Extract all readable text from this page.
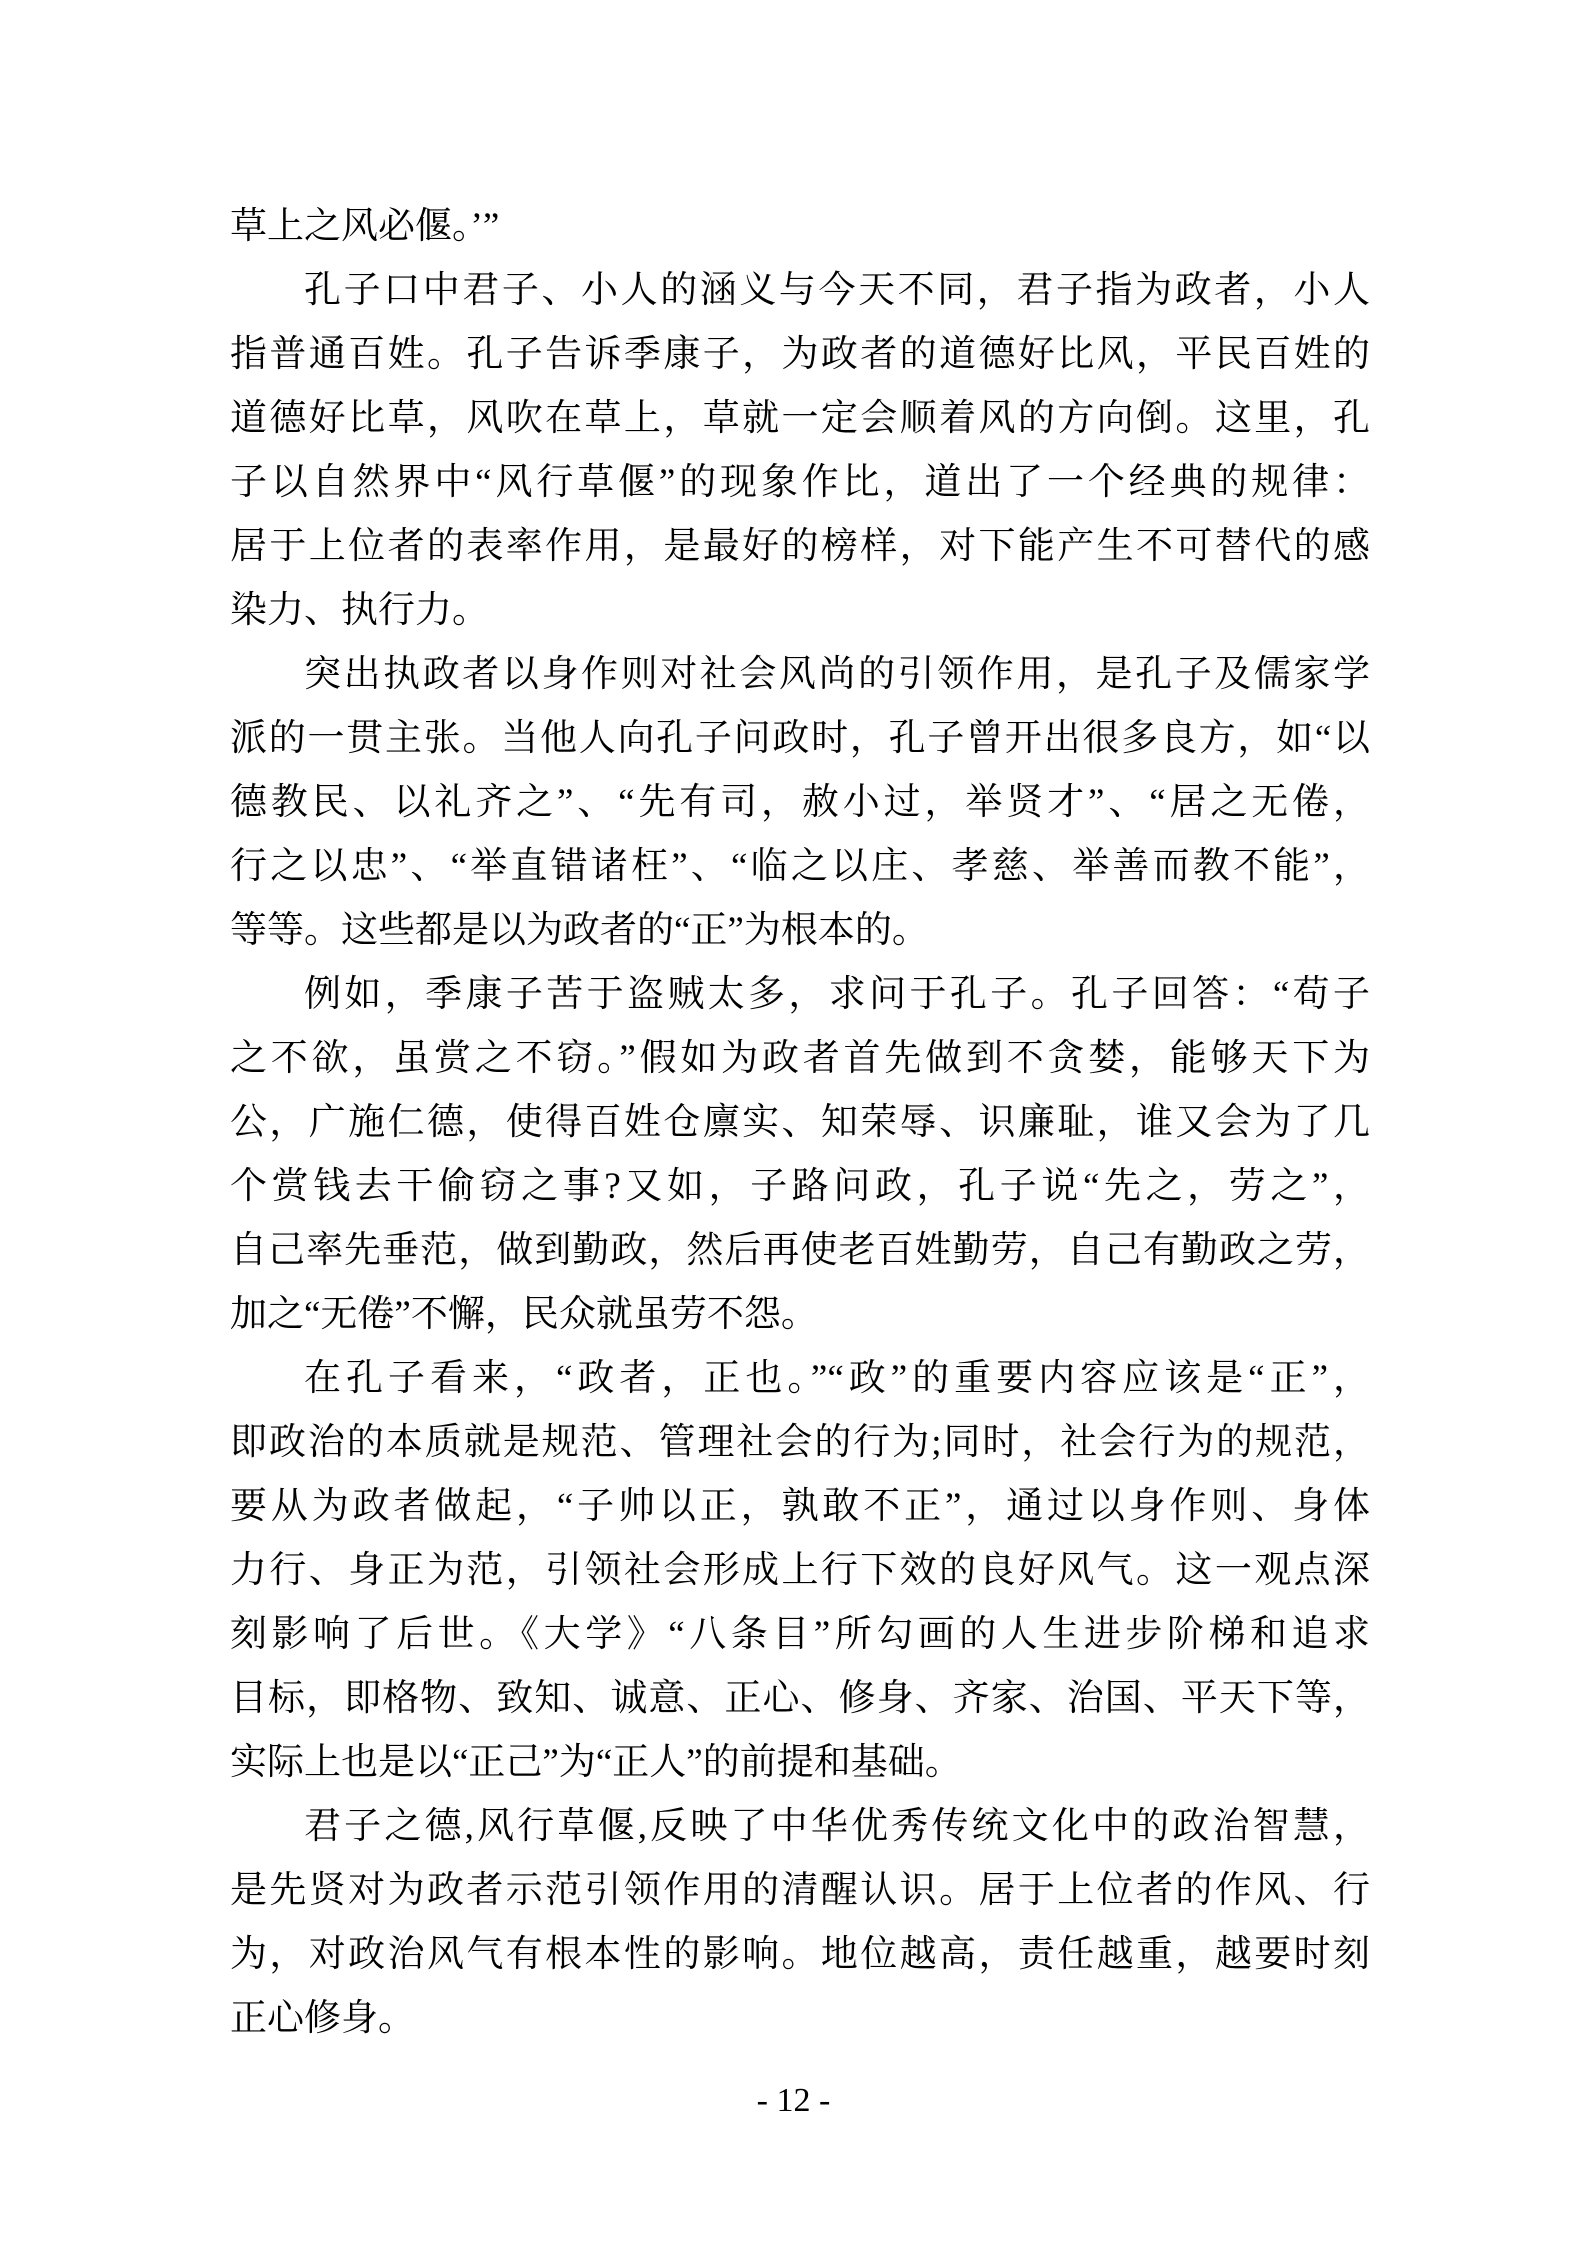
草上之风必偃。’”
孔子口中君子、小人的涵义与今天不同，君子指为政者，小人
指普通百姓。孔子告诉季康子，为政者的道德好比风，平民百姓的
道德好比草，风吹在草上，草就一定会顺着风的方向倒。这里，孔
子以自然界中“风行草偃”的现象作比，道出了一个经典的规律：
居于上位者的表率作用，是最好的榜样，对下能产生不可替代的感
染力、执行力。
突出执政者以身作则对社会风尚的引领作用，是孔子及儒家学
派的一贯主张。当他人向孔子问政时，孔子曾开出很多良方，如“以
德教民、以礼齐之”、“先有司，赦小过，举贤才”、“居之无倦，
行之以忠”、“举直错诸枉”、“临之以庄、孝慈、举善而教不能”，
等等。这些都是以为政者的“正”为根本的。
例如，季康子苦于盗贼太多，求问于孔子。孔子回答：“苟子
之不欲，虽赏之不窃。”假如为政者首先做到不贪婪，能够天下为
公，广施仁德，使得百姓仓廪实、知荣辱、识廉耻，谁又会为了几
个赏钱去干偷窃之事?又如，子路问政，孔子说“先之，劳之”，
自己率先垂范，做到勤政，然后再使老百姓勤劳，自己有勤政之劳，
加之“无倦”不懈，民众就虽劳不怨。
在孔子看来，“政者，正也。”“政”的重要内容应该是“正”，
即政治的本质就是规范、管理社会的行为;同时，社会行为的规范，
要从为政者做起，“子帅以正，孰敢不正”，通过以身作则、身体
力行、身正为范，引领社会形成上行下效的良好风气。这一观点深
刻影响了后世。《大学》“八条目”所勾画的人生进步阶梯和追求
目标，即格物、致知、诚意、正心、修身、齐家、治国、平天下等，
实际上也是以“正己”为“正人”的前提和基础。
君子之德,风行草偃,反映了中华优秀传统文化中的政治智慧，
是先贤对为政者示范引领作用的清醒认识。居于上位者的作风、行
为，对政治风气有根本性的影响。地位越高，责任越重，越要时刻
正心修身。
- 12 -
